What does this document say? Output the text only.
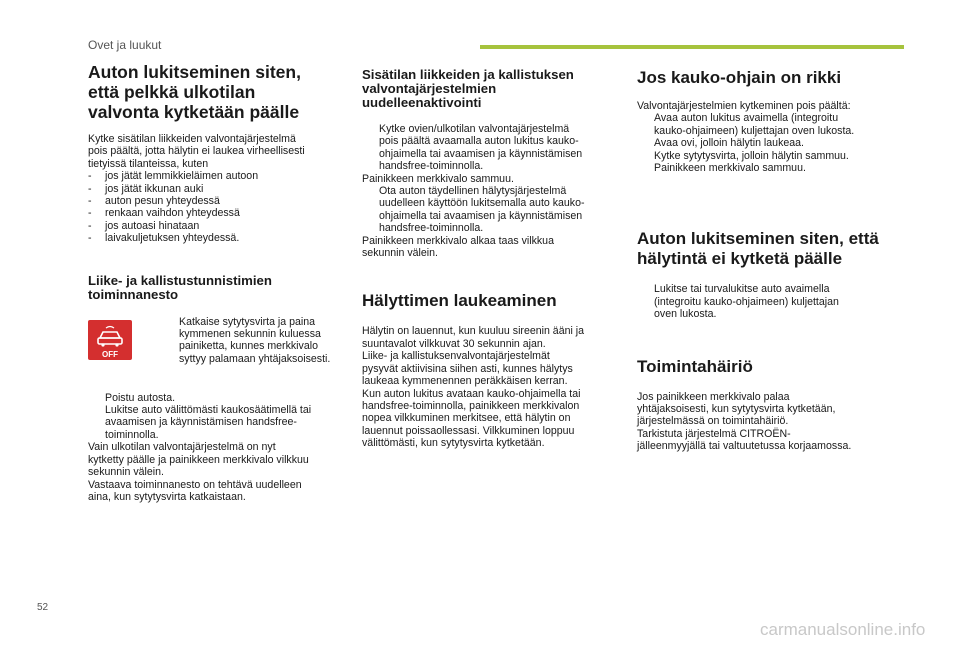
Ovet ja luukut
Auton lukitseminen siten,
että pelkkä ulkotilan
valvonta kytketään päälle

Kytke sisätilan liikkeiden valvontajärjestelmä
pois päältä, jotta hälytin ei laukea virheellisesti
tietyissä tilanteissa, kuten

- jos jätät lemmikkieläimen autoon
- jos jätät ikkunan auki
- auton pesun yhteydessä
- renkaan vaihdon yhteydessä
- jos autoasi hinataan
- laivakuljetuksen yhteydessä.
Liike- ja kallistustunnistimien
toiminnanesto
OFF
Katkaise sytytysvirta ja paina
kymmenen sekunnin kuluessa
painiketta, kunnes merkkivalo
syttyy palamaan yhtäjaksoisesti.
Poistu autosta.
Lukitse auto välittömästi kaukosäätimellä tai
avaamisen ja käynnistämisen handsfree-
toiminnolla.

Vain ulkotilan valvontajärjestelmä on nyt
kytketty päälle ja painikkeen merkkivalo vilkkuu
sekunnin välein.
Vastaava toiminnanesto on tehtävä uudelleen
aina, kun sytytysvirta katkaistaan.

Sisätilan liikkeiden ja kallistuksen
valvontajärjestelmien
uudelleenaktivointi
Kytke ovien/ulkotilan valvontajärjestelmä
pois päältä avaamalla auton lukitus kauko-
ohjaimella tai avaamisen ja käynnistämisen
handsfree-toiminnolla.

Painikkeen merkkivalo sammuu.

Ota auton täydellinen hälytysjärjestelmä
uudelleen käyttöön lukitsemalla auto kauko-
ohjaimella tai avaamisen ja käynnistämisen
handsfree-toiminnolla.

Painikkeen merkkivalo alkaa taas vilkkua
sekunnin välein.

Hälyttimen laukeaminen

Hälytin on lauennut, kun kuuluu sireenin ääni ja
suuntavalot vilkkuvat 30 sekunnin ajan.
Liike- ja kallistuksenvalvontajärjestelmät
pysyvät aktiivisina siihen asti, kunnes hälytys
laukeaa kymmenennen peräkkäisen kerran.
Kun auton lukitus avataan kauko-ohjaimella tai
handsfree-toiminnolla, painikkeen merkkivalon
nopea vilkkuminen merkitsee, että hälytin on
lauennut poissaollessasi. Vilkkuminen loppuu
välittömästi, kun sytytysvirta kytketään.

Jos kauko-ohjain on rikki

Valvontajärjestelmien kytkeminen pois päältä:

Avaa auton lukitus avaimella (integroitu
kauko-ohjaimeen) kuljettajan oven lukosta.
Avaa ovi, jolloin hälytin laukeaa.
Kytke sytytysvirta, jolloin hälytin sammuu.
Painikkeen merkkivalo sammuu.
Auton lukitseminen siten, että
hälytintä ei kytketä päälle
Lukitse tai turvalukitse auto avaimella
(integroitu kauko-ohjaimeen) kuljettajan
oven lukosta.
Toimintahäiriö

Jos painikkeen merkkivalo palaa
yhtäjaksoisesti, kun sytytysvirta kytketään,
järjestelmässä on toimintahäiriö.
Tarkistuta järjestelmä CITROËN-
jälleenmyyjällä tai valtuutetussa korjaamossa.

52
carmanualsonline.info
